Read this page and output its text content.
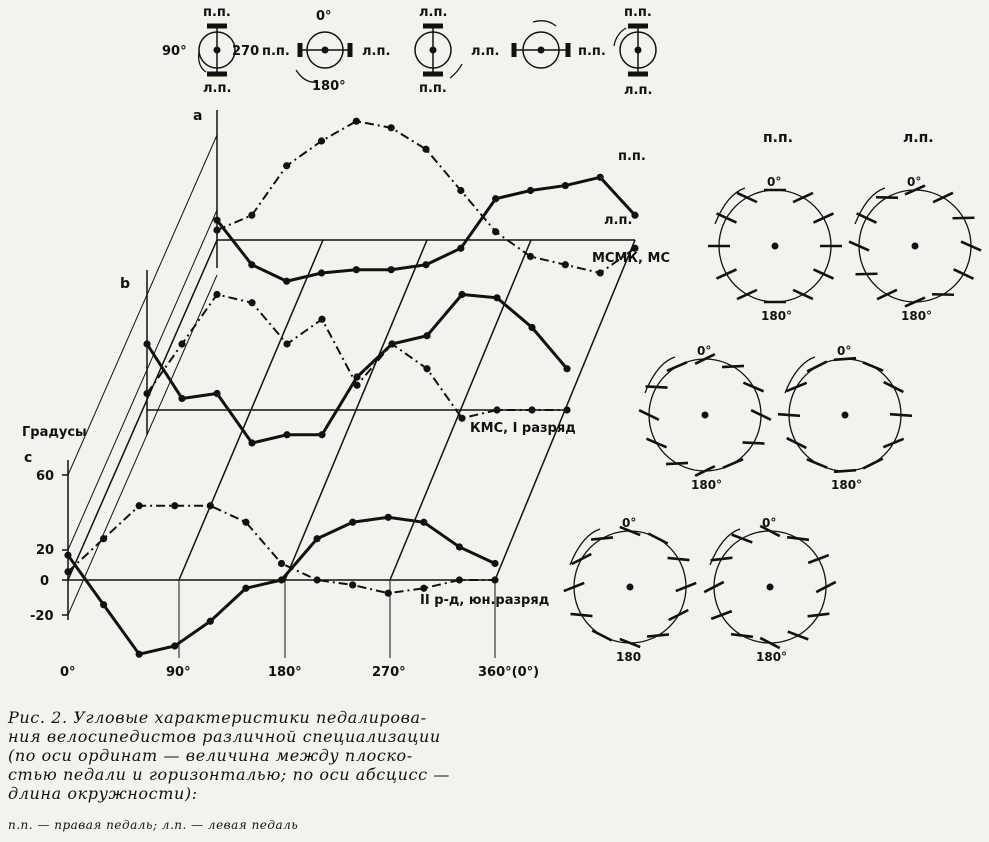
п.п.
л.п.
90°	270
0°
п.п.	л.п.
180°
л.п.
п.п.
л.п.	п.п.
п.п.
л.п.
Градусы
60
20
0
-20
0°	90°	180°	270°	360°(0°)
a
b
c
МСМК, МС
КМС, I разряд
II р-д, юн.разряд
п.п.
л.п.
0°
180°
п.п.
0°
180°
л.п.
0°
180°
0°
180°
0°
180
0°
180°
Рис. 2. Угловые характеристики педалирова-
ния велосипедистов различной специализации
(по оси ординат — величина между плоско-
стью педали и горизонталью; по оси абсцисс —
длина окружности):
п.п. — правая педаль; л.п. — левая педаль
